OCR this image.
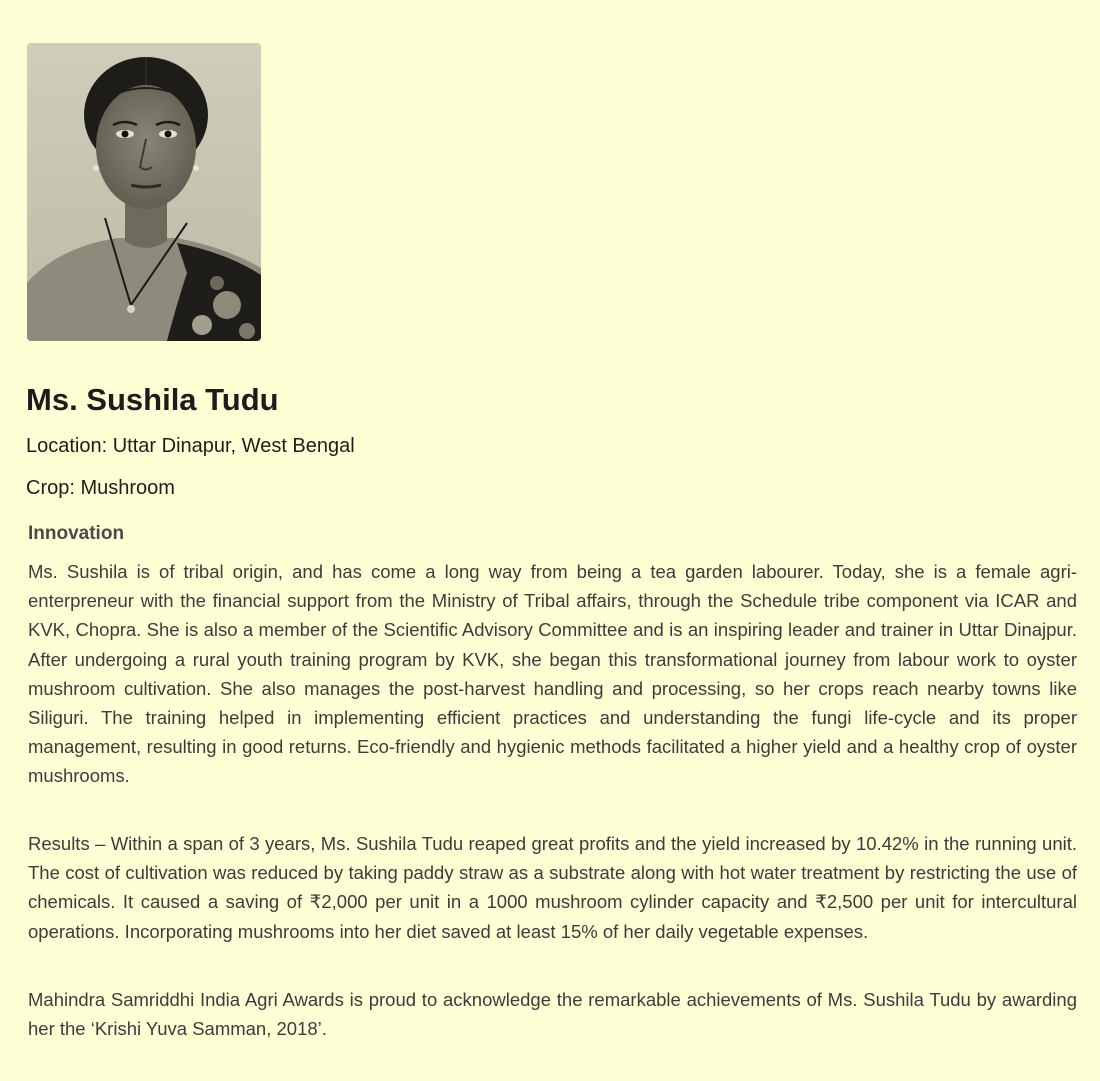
Ms. Sushila Tudu

Location: Uttar Dinapur, West Bengal

Crop: Mushroom

Innovation

Ms. Sushila is of tribal origin, and has come a long way from being a tea garden labourer. Today, she is a female agri-enterpreneur with the financial support from the Ministry of Tribal affairs, through the Schedule tribe component via ICAR and KVK, Chopra. She is also a member of the Scientific Advisory Committee and is an inspiring leader and trainer in Uttar Dinajpur. After undergoing a rural youth training program by KVK, she began this transformational journey from labour work to oyster mushroom cultivation. She also manages the post-harvest handling and processing, so her crops reach nearby towns like Siliguri. The training helped in implementing efficient practices and understanding the fungi life-cycle and its proper management, resulting in good returns. Eco-friendly and hygienic methods facilitated a higher yield and a healthy crop of oyster mushrooms.

Results – Within a span of 3 years, Ms. Sushila Tudu reaped great profits and the yield increased by 10.42% in the running unit. The cost of cultivation was reduced by taking paddy straw as a substrate along with hot water treatment by restricting the use of chemicals. It caused a saving of ₹2,000 per unit in a 1000 mushroom cylinder capacity and ₹2,500 per unit for intercultural operations. Incorporating mushrooms into her diet saved at least 15% of her daily vegetable expenses.

Mahindra Samriddhi India Agri Awards is proud to acknowledge the remarkable achievements of Ms. Sushila Tudu by awarding her the ‘Krishi Yuva Samman, 2018’.
